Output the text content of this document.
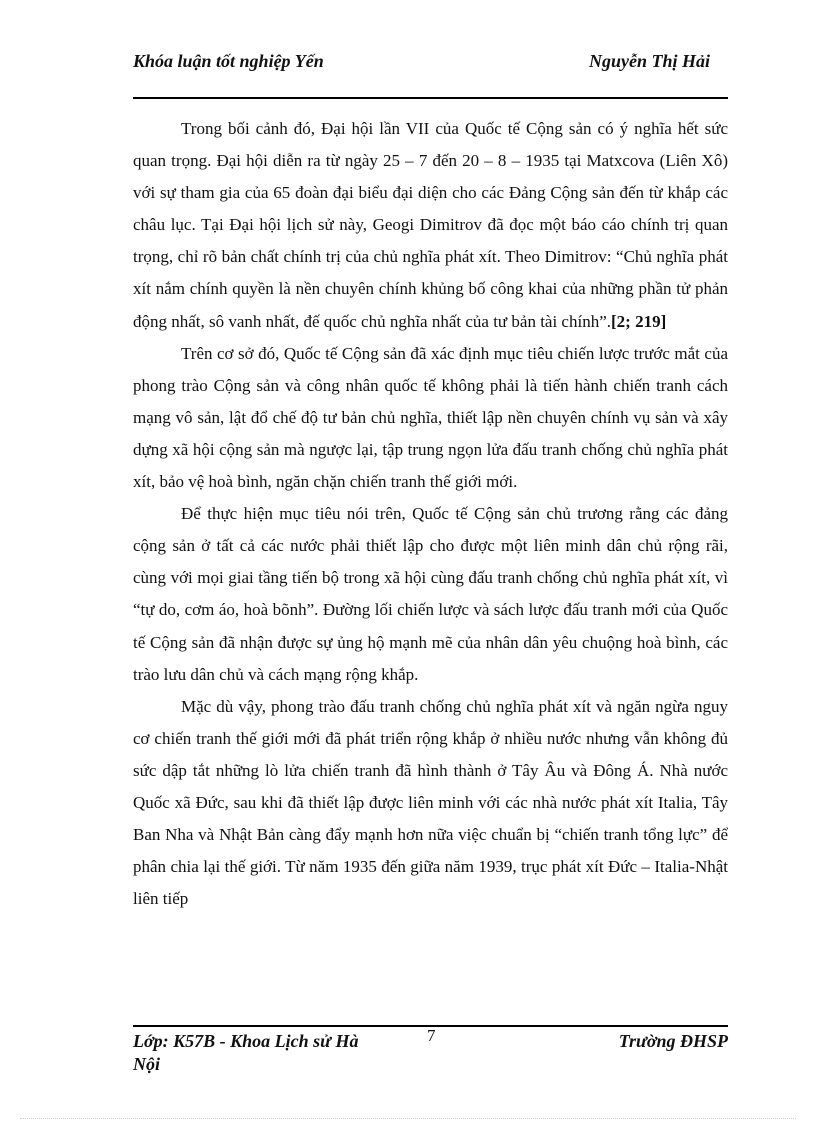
Khóa luận tốt nghiệp Yến	Nguyễn Thị Hải

Trong bối cảnh đó, Đại hội lần VII của Quốc tế Cộng sản có ý nghĩa hết sức quan trọng. Đại hội diễn ra từ ngày 25 – 7 đến 20 – 8 – 1935 tại Matxcova (Liên Xô) với sự tham gia của 65 đoàn đại biểu đại diện cho các Đảng Cộng sản đến từ khắp các châu lục. Tại Đại hội lịch sử này, Geogi Dimitrov đã đọc một báo cáo chính trị quan trọng, chỉ rõ bản chất chính trị của chủ nghĩa phát xít. Theo Dimitrov: “Chủ nghĩa phát xít nắm chính quyền là nền chuyên chính khủng bố công khai của những phần tử phản động nhất, sô vanh nhất, đế quốc chủ nghĩa nhất của tư bản tài chính”.[2; 219]

Trên cơ sở đó, Quốc tế Cộng sản đã xác định mục tiêu chiến lược trước mắt của phong trào Cộng sản và công nhân quốc tế không phải là tiến hành chiến tranh cách mạng vô sản, lật đổ chế độ tư bản chủ nghĩa, thiết lập nền chuyên chính vụ sản và xây dựng xã hội cộng sản mà ngược lại, tập trung ngọn lửa đấu tranh chống chủ nghĩa phát xít, bảo vệ hoà bình, ngăn chặn chiến tranh thế giới mới.

Để thực hiện mục tiêu nói trên, Quốc tế Cộng sản chủ trương rằng các đảng cộng sản ở tất cả các nước phải thiết lập cho được một liên minh dân chủ rộng rãi, cùng với mọi giai tầng tiến bộ trong xã hội cùng đấu tranh chống chủ nghĩa phát xít, vì “tự do, cơm áo, hoà bõnh”. Đường lối chiến lược và sách lược đấu tranh mới của Quốc tế Cộng sản đã nhận được sự ủng hộ mạnh mẽ của nhân dân yêu chuộng hoà bình, các trào lưu dân chủ và cách mạng rộng khắp.

Mặc dù vậy, phong trào đấu tranh chống chủ nghĩa phát xít và ngăn ngừa nguy cơ chiến tranh thế giới mới đã phát triển rộng khắp ở nhiều nước nhưng vẫn không đủ sức dập tắt những lò lửa chiến tranh đã hình thành ở Tây Âu và Đông Á. Nhà nước Quốc xã Đức, sau khi đã thiết lập được liên minh với các nhà nước phát xít Italia, Tây Ban Nha và Nhật Bản càng đẩy mạnh hơn nữa việc chuẩn bị “chiến tranh tổng lực” để phân chia lại thế giới. Từ năm 1935 đến giữa năm 1939, trục phát xít Đức – Italia-Nhật liên tiếp

Lớp: K57B - Khoa Lịch sử Hà Nội
7	Trường ĐHSP
